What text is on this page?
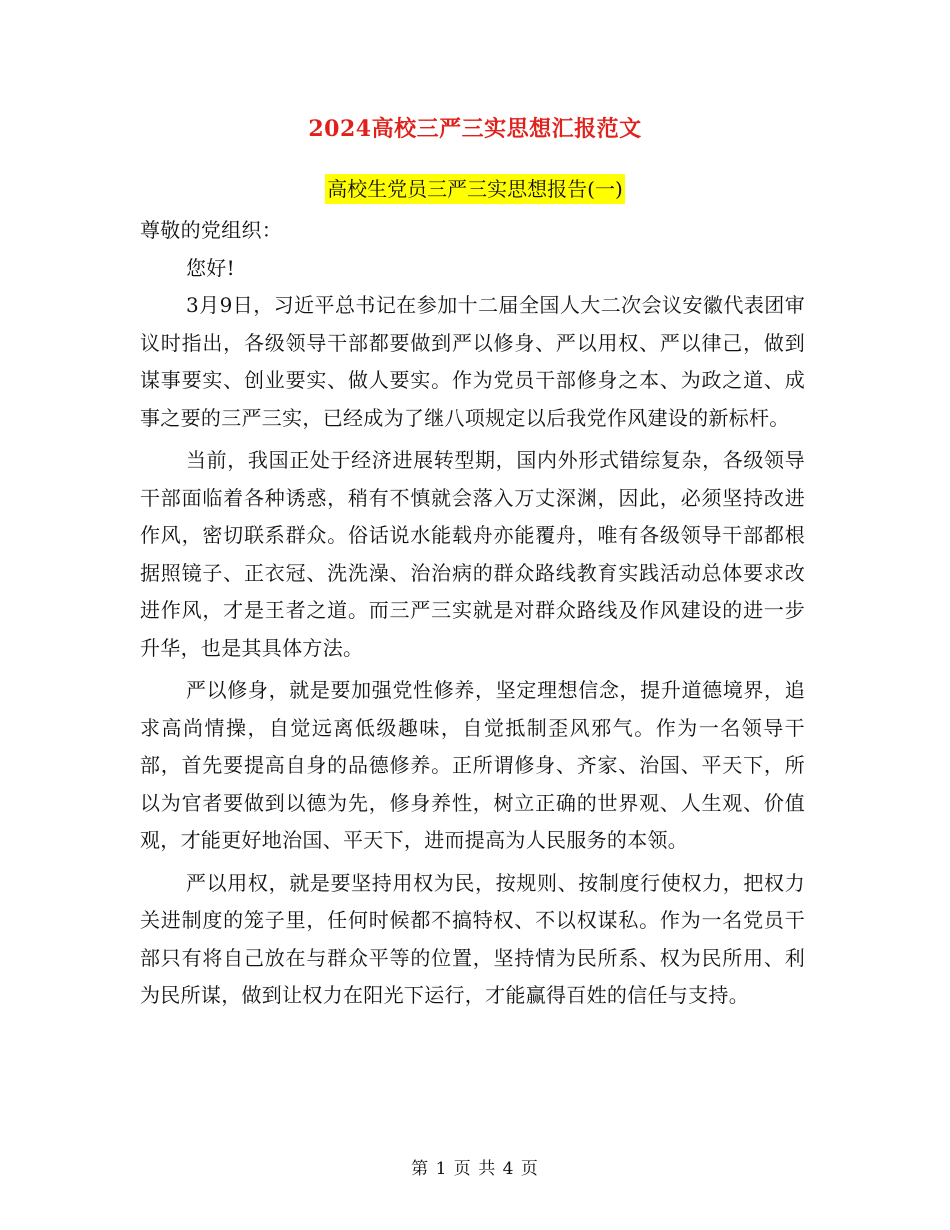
2024高校三严三实思想汇报范文
高校生党员三严三实思想报告(一)

尊敬的党组织：

您好!

3月9日，习近平总书记在参加十二届全国人大二次会议安徽代表团审议时指出，各级领导干部都要做到严以修身、严以用权、严以律己，做到谋事要实、创业要实、做人要实。作为党员干部修身之本、为政之道、成事之要的三严三实，已经成为了继八项规定以后我党作风建设的新标杆。

当前，我国正处于经济进展转型期，国内外形式错综复杂，各级领导干部面临着各种诱惑，稍有不慎就会落入万丈深渊，因此，必须坚持改进作风，密切联系群众。俗话说水能载舟亦能覆舟，唯有各级领导干部都根据照镜子、正衣冠、洗洗澡、治治病的群众路线教育实践活动总体要求改进作风，才是王者之道。而三严三实就是对群众路线及作风建设的进一步升华，也是其具体方法。

严以修身，就是要加强党性修养，坚定理想信念，提升道德境界，追求高尚情操，自觉远离低级趣味，自觉抵制歪风邪气。作为一名领导干部，首先要提高自身的品德修养。正所谓修身、齐家、治国、平天下，所以为官者要做到以德为先，修身养性，树立正确的世界观、人生观、价值观，才能更好地治国、平天下，进而提高为人民服务的本领。

严以用权，就是要坚持用权为民，按规则、按制度行使权力，把权力关进制度的笼子里，任何时候都不搞特权、不以权谋私。作为一名党员干部只有将自己放在与群众平等的位置，坚持情为民所系、权为民所用、利为民所谋，做到让权力在阳光下运行，才能赢得百姓的信任与支持。

第 1 页 共 4 页
